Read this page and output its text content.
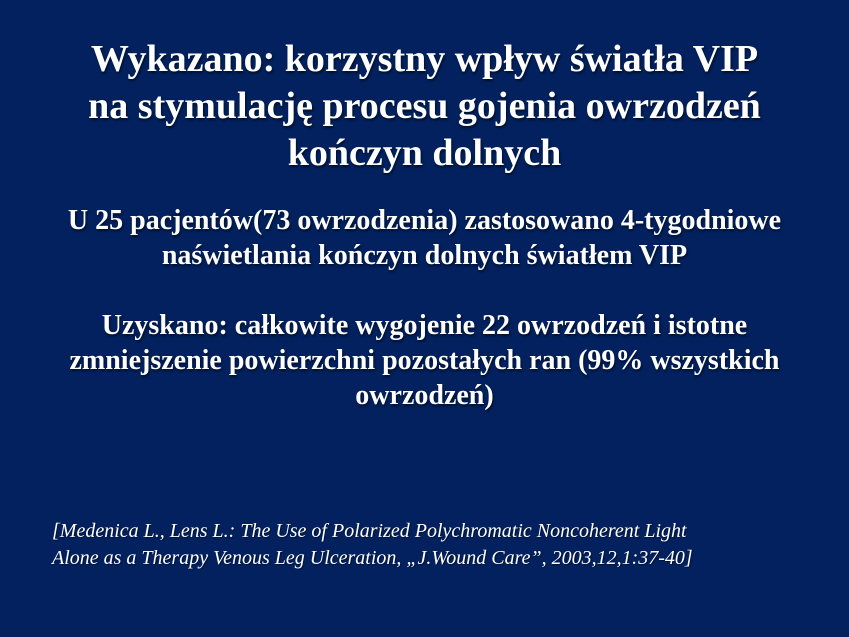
Wykazano: korzystny wpływ światła VIP
na stymulację procesu gojenia owrzodzeń
kończyn dolnych
U 25 pacjentów(73 owrzodzenia) zastosowano 4-tygodniowe
naświetlania kończyn dolnych światłem VIP
Uzyskano: całkowite wygojenie 22 owrzodzeń i istotne
zmniejszenie powierzchni pozostałych ran (99% wszystkich
owrzodzeń)
[Medenica L., Lens L.: The Use of Polarized Polychromatic Noncoherent Light
Alone as a Therapy Venous Leg Ulceration, „J.Wound Care”, 2003,12,1:37-40]
